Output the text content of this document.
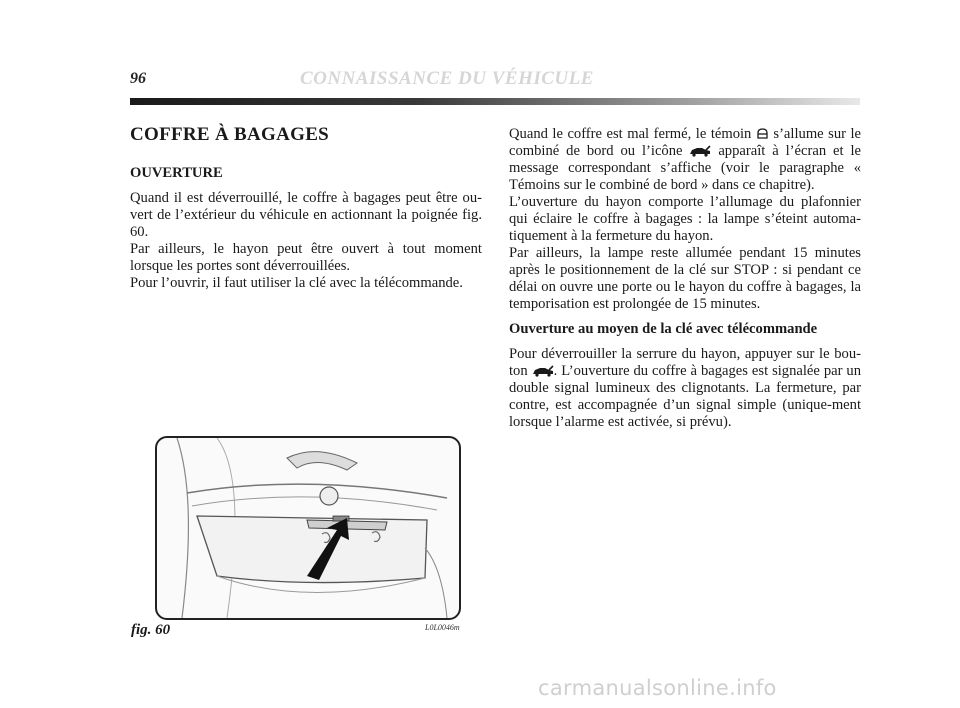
96	CONNAISSANCE DU VÉHICULE
COFFRE À BAGAGES
OUVERTURE

Quand il est déverrouillé, le coffre à bagages peut être ou-vert de l’extérieur du véhicule en actionnant la poignée fig. 60.

Par ailleurs, le hayon peut être ouvert à tout moment lorsque les portes sont déverrouillées.

Pour l’ouvrir, il faut utiliser la clé avec la télécommande.

Quand le coffre est mal fermé, le témoin s’allume sur le combiné de bord ou l’icône apparaît à l’écran et le message correspondant s’affiche (voir le paragraphe « Témoins sur le combiné de bord » dans ce chapitre).

L’ouverture du hayon comporte l’allumage du plafonnier qui éclaire le coffre à bagages : la lampe s’éteint automa-tiquement à la fermeture du hayon.

Par ailleurs, la lampe reste allumée pendant 15 minutes après le positionnement de la clé sur STOP : si pendant ce délai on ouvre une porte ou le hayon du coffre à bagages, la temporisation est prolongée de 15 minutes.

Ouverture au moyen de la clé avec télécommande

Pour déverrouiller la serrure du hayon, appuyer sur le bou-ton . L’ouverture du coffre à bagages est signalée par un double signal lumineux des clignotants. La fermeture, par contre, est accompagnée d’un signal simple (unique-ment lorsque l’alarme est activée, si prévu).

fig. 60	L0L0046m
carmanualsonline.info
